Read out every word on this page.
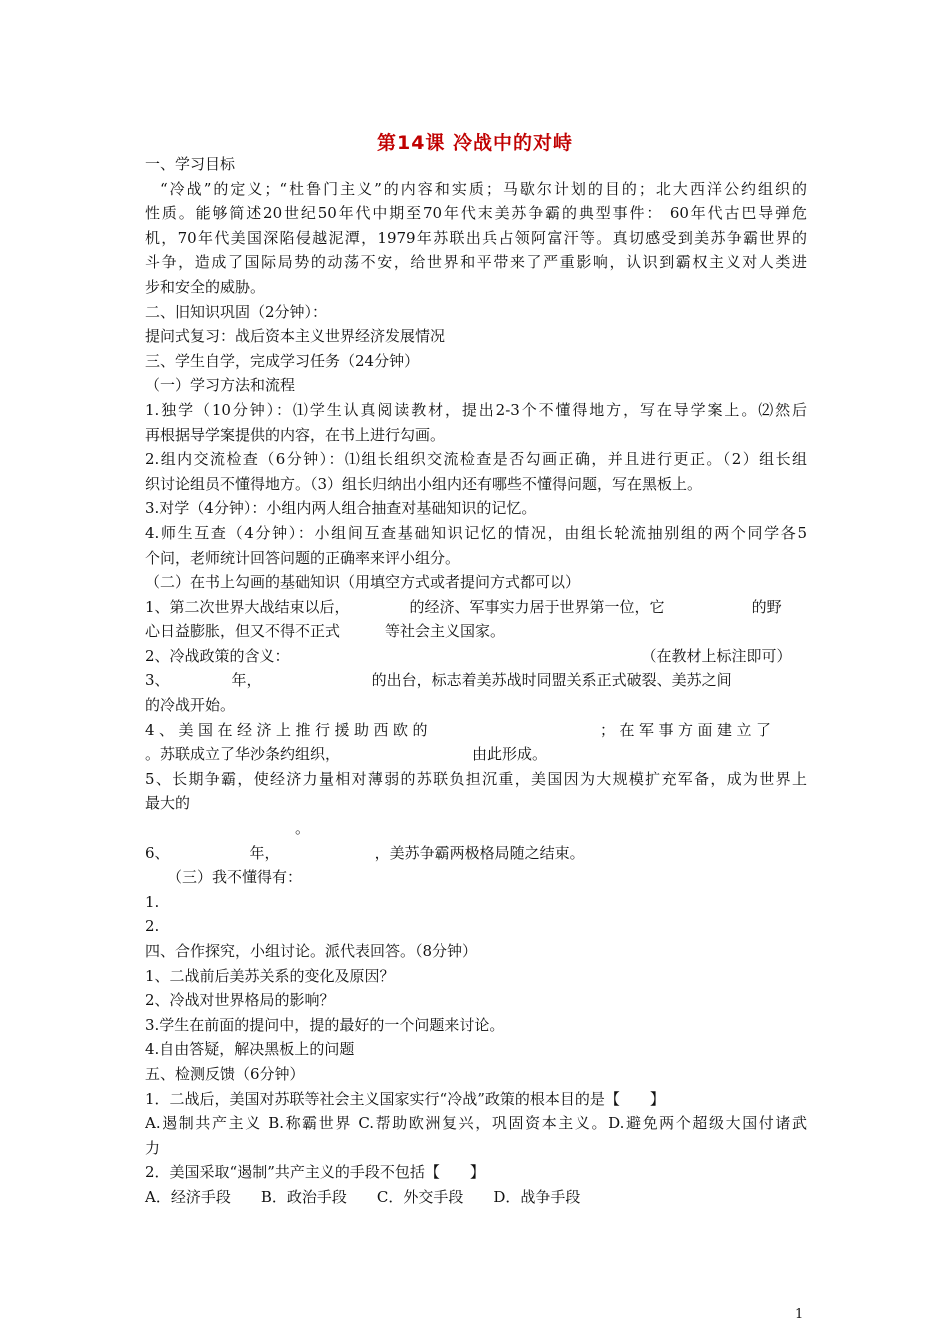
第14课 冷战中的对峙
一、学习目标
“冷战”的定义；“杜鲁门主义”的内容和实质；马歇尔计划的目的；北大西洋公约组织的
性质。能够简述20世纪50年代中期至70年代末美苏争霸的典型事件： 60年代古巴导弹危
机，70年代美国深陷侵越泥潭，1979年苏联出兵占领阿富汗等。真切感受到美苏争霸世界的
斗争，造成了国际局势的动荡不安，给世界和平带来了严重影响，认识到霸权主义对人类进
步和安全的威胁。
二、旧知识巩固（2分钟）：
提问式复习：战后资本主义世界经济发展情况
三、学生自学，完成学习任务（24分钟）
（一）学习方法和流程
1.独学（10分钟）：⑴学生认真阅读教材，提出2-3个不懂得地方，写在导学案上。⑵然后
再根据导学案提供的内容，在书上进行勾画。
2.组内交流检查（6分钟）：⑴组长组织交流检查是否勾画正确，并且进行更正。（2）组长组
织讨论组员不懂得地方。（3）组长归纳出小组内还有哪些不懂得问题，写在黑板上。
3.对学（4分钟）：小组内两人组合抽查对基础知识的记忆。
4.师生互查（4分钟）：小组间互查基础知识记忆的情况，由组长轮流抽别组的两个同学各5
个问，老师统计回答问题的正确率来评小组分。
（二）在书上勾画的基础知识（用填空方式或者提问方式都可以）
1、第二次世界大战结束以后，	的经济、军事实力居于世界第一位，它	的野
心日益膨胀，但又不得不正式	等社会主义国家。
2、冷战政策的含义：	（在教材上标注即可）
3、	年，	的出台，标志着美苏战时同盟关系正式破裂、美苏之间
的冷战开始。
4、美国在经济上推行援助西欧的	；在军事方面建立了
。苏联成立了华沙条约组织，	由此形成。
5、长期争霸，使经济力量相对薄弱的苏联负担沉重，美国因为大规模扩充军备，成为世界上
最大的
。
6、	年，	，美苏争霸两极格局随之结束。
（三）我不懂得有：
1.
2.
四、合作探究，小组讨论。派代表回答。（8分钟）
1、二战前后美苏关系的变化及原因？
2、冷战对世界格局的影响？
3.学生在前面的提问中，提的最好的一个问题来讨论。
4.自由答疑，解决黑板上的问题
五、检测反馈（6分钟）
1．二战后，美国对苏联等社会主义国家实行“冷战”政策的根本目的是【　　】
A.遏制共产主义 B.称霸世界 C.帮助欧洲复兴，巩固资本主义。D.避免两个超级大国付诸武
力
2．美国采取“遏制”共产主义的手段不包括【　　】
A．经济手段　　B．政治手段　　C．外交手段　　D．战争手段
1
